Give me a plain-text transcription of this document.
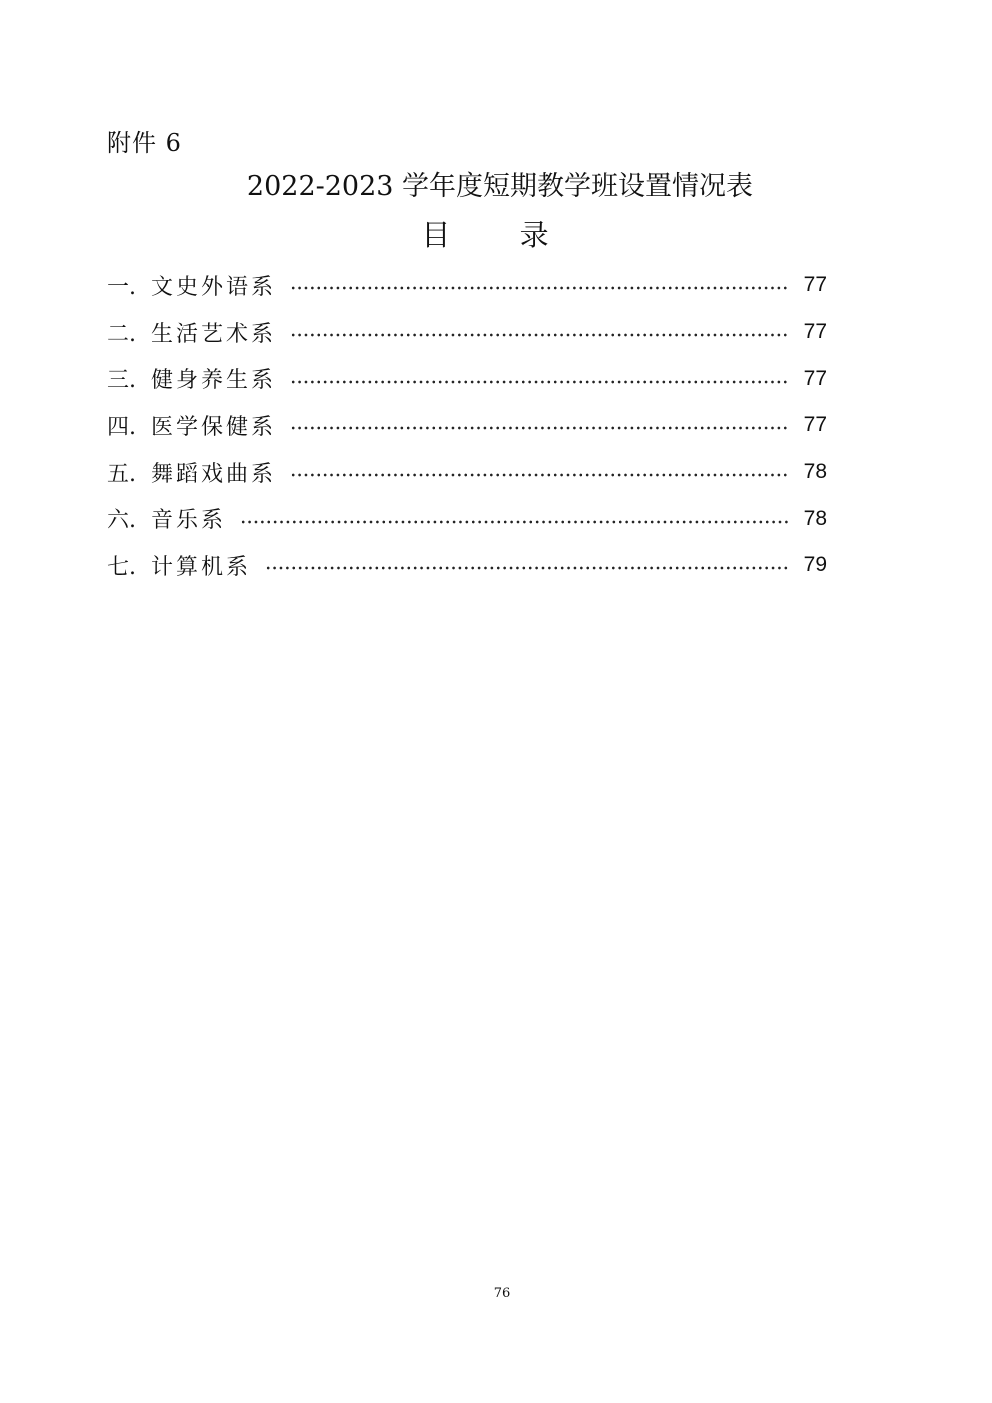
附件 6
2022-2023 学年度短期教学班设置情况表
目 录
一. 文史外语系	77
二. 生活艺术系	77
三. 健身养生系	77
四. 医学保健系	77
五. 舞蹈戏曲系	78
六. 音乐系	78
七. 计算机系	79
76
